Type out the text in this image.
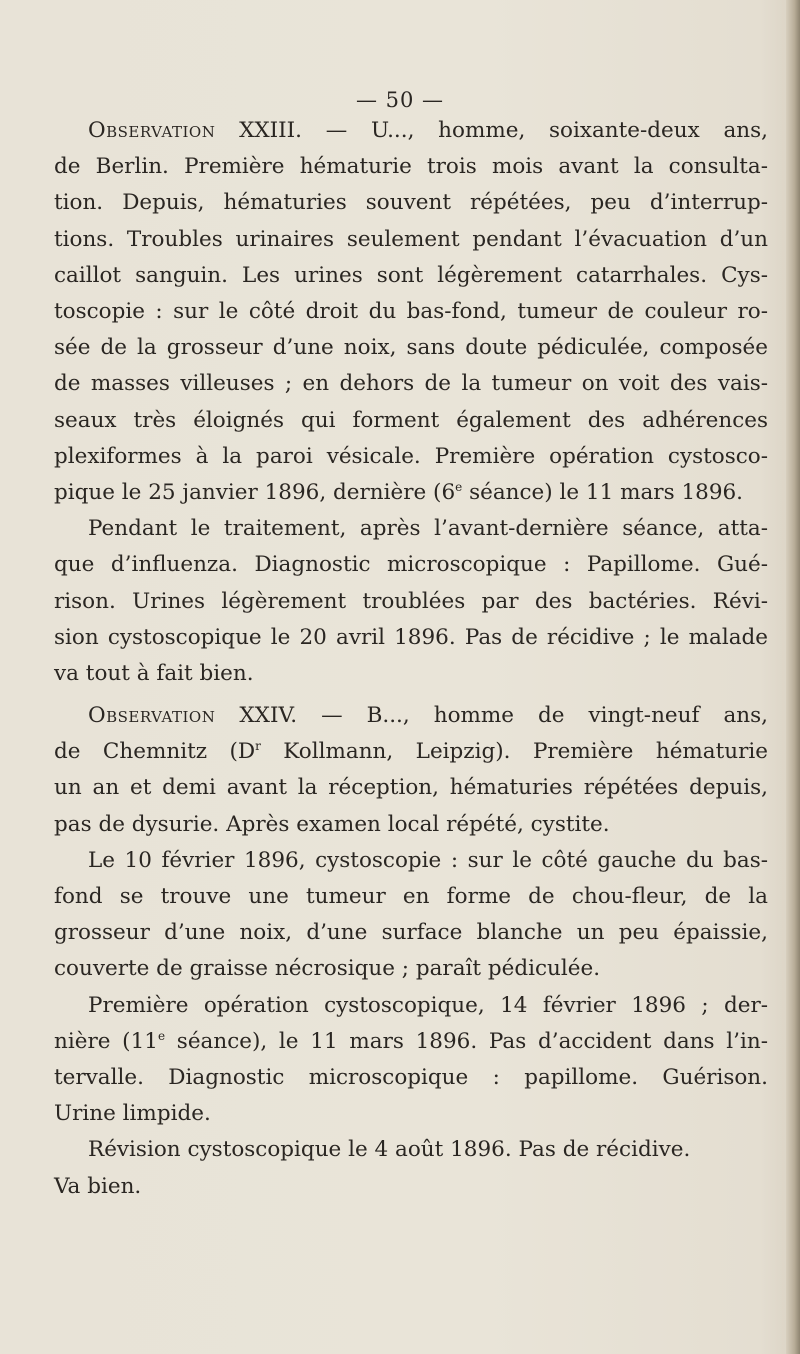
— 50 —
Observation XXIII. — U..., homme, soixante-deux ans,
de Berlin. Première hématurie trois mois avant la consulta-
tion. Depuis, hématuries souvent répétées, peu d’interrup-
tions. Troubles urinaires seulement pendant l’évacuation d’un
caillot sanguin. Les urines sont légèrement catarrhales. Cys-
toscopie : sur le côté droit du bas-fond, tumeur de couleur ro-
sée de la grosseur d’une noix, sans doute pédiculée, composée
de masses villeuses ; en dehors de la tumeur on voit des vais-
seaux très éloignés qui forment également des adhérences
plexiformes à la paroi vésicale. Première opération cystosco-
pique le 25 janvier 1896, dernière (6e séance) le 11 mars 1896.
Pendant le traitement, après l’avant-dernière séance, atta-
que d’influenza. Diagnostic microscopique : Papillome. Gué-
rison. Urines légèrement troublées par des bactéries. Révi-
sion cystoscopique le 20 avril 1896. Pas de récidive ; le malade
va tout à fait bien.
Observation XXIV. — B..., homme de vingt-neuf ans,
de Chemnitz ($D^r$ Kollmann, Leipzig). Première hématurie
un an et demi avant la réception, hématuries répétées depuis,
pas de dysurie. Après examen local répété, cystite.
Le 10 février 1896, cystoscopie : sur le côté gauche du bas-
fond se trouve une tumeur en forme de chou-fleur, de la
grosseur d’une noix, d’une surface blanche un peu épaissie,
couverte de graisse nécrosique ; paraît pédiculée.
Première opération cystoscopique, 14 février 1896 ; der-
nière (11e séance), le 11 mars 1896. Pas d’accident dans l’in-
tervalle. Diagnostic microscopique : papillome. Guérison.
Urine limpide.
Révision cystoscopique le 4 août 1896. Pas de récidive.
Va bien.
